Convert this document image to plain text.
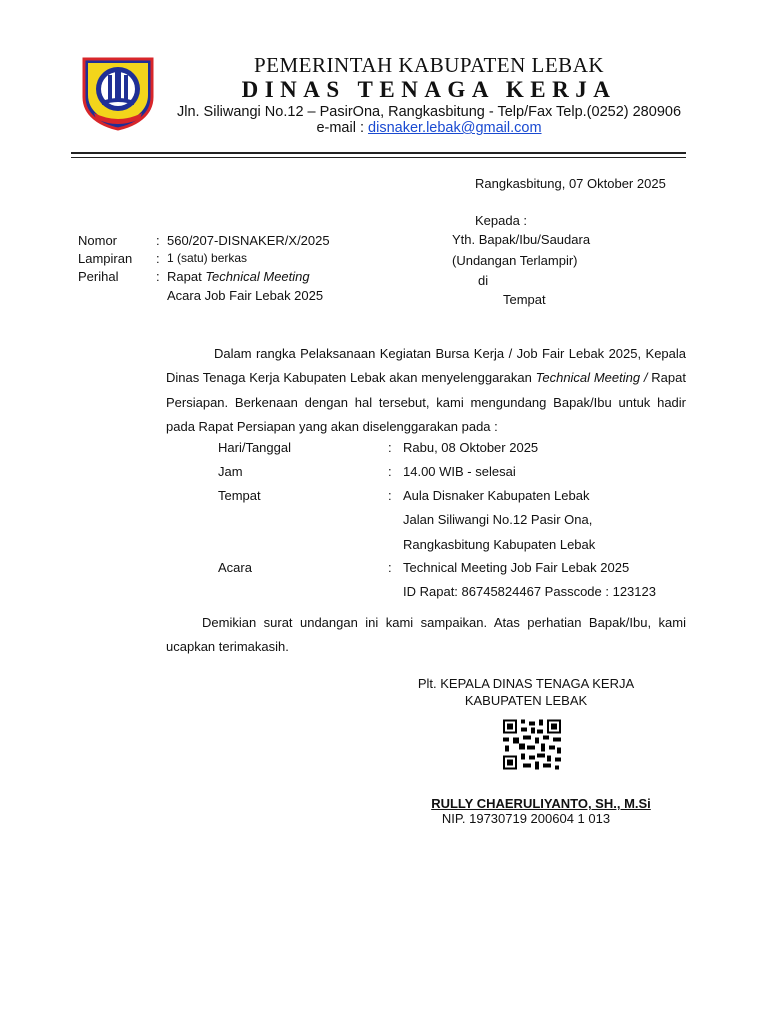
PEMERINTAH KABUPATEN LEBAK
DINAS TENAGA KERJA
Jln. Siliwangi No.12 – PasirOna, Rangkasbitung - Telp/Fax Telp.(0252) 280906
e-mail : disnaker.lebak@gmail.com
Rangkasbitung, 07 Oktober 2025
Kepada :
Yth. Bapak/Ibu/Saudara
(Undangan Terlampir)
di
Tempat
Nomor	: 560/207-DISNAKER/X/2025
Lampiran : 1 (satu) berkas
Perihal	: Rapat Technical Meeting
Acara Job Fair Lebak 2025

Dalam rangka Pelaksanaan Kegiatan Bursa Kerja / Job Fair Lebak 2025, Kepala Dinas Tenaga Kerja Kabupaten Lebak akan menyelenggarakan Technical Meeting / Rapat Persiapan. Berkenaan dengan hal tersebut, kami mengundang Bapak/Ibu untuk hadir pada Rapat Persiapan yang akan diselenggarakan pada :

Hari/Tanggal	: Rabu, 08 Oktober 2025
Jam	: 14.00 WIB - selesai
Tempat	: Aula Disnaker Kabupaten Lebak
Jalan Siliwangi No.12 Pasir Ona,
Rangkasbitung Kabupaten Lebak
Acara	: Technical Meeting Job Fair Lebak 2025
ID Rapat: 86745824467 Passcode : 123123

Demikian surat undangan ini kami sampaikan. Atas perhatian Bapak/Ibu, kami ucapkan terimakasih.

Plt. KEPALA DINAS TENAGA KERJA
KABUPATEN LEBAK
RULLY CHAERULIYANTO, SH., M.Si
NIP. 19730719 200604 1 013
